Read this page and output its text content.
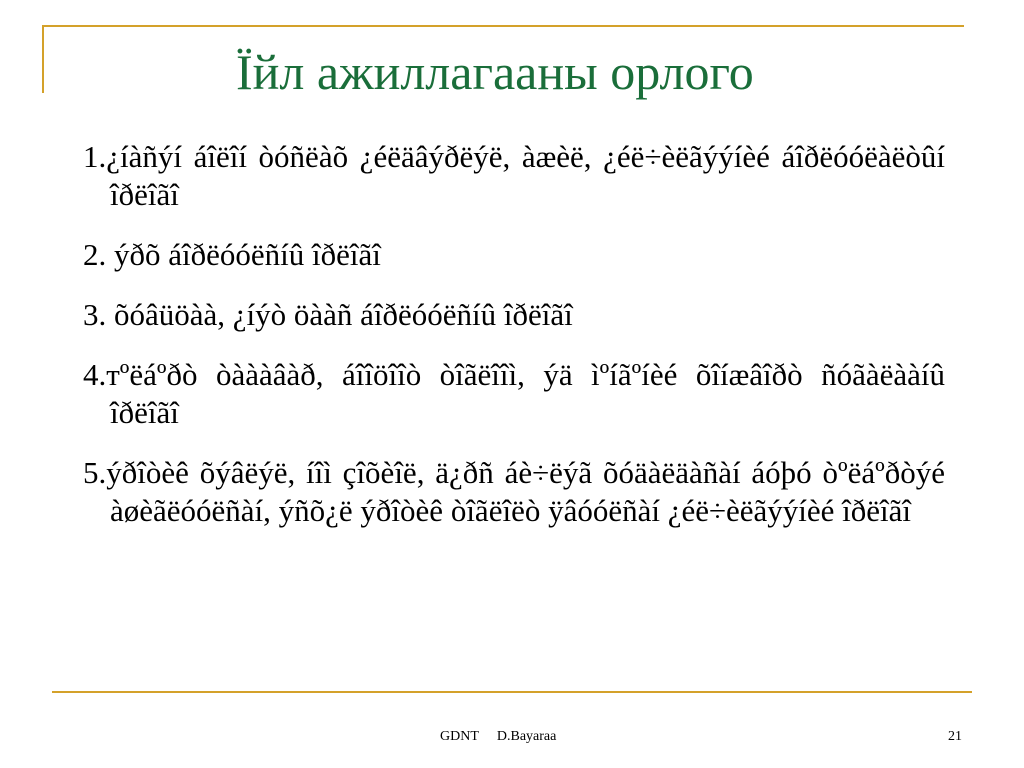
Їйл ажиллагааны орлого
1.¿íàñýí áîëîí òóñëàõ ¿éëäâýðëýë, àæèë, ¿éë÷èëãýýíèé áîðëóóëàëòûí îðëîãî
2. ýðõ áîðëóóëñíû îðëîãî
3. õóâüöàà, ¿íýò öààñ áîðëóóëñíû îðëîãî
4.тºëáºðò òàààâàð, áîîöîîò òîãëîîì, ýä ìºíãºíèé õîíæâîðò ñóãàëààíû îðëîãî
5.ýðîòèê õýâëýë, íîì çîõèîë, ä¿ðñ áè÷ëýã õóäàëäàñàí áóþó òºëáºðòýé àøèãëóóëñàí, ýñõ¿ë ýðîòèê òîãëîëò ÿâóóëñàí ¿éë÷èëãýýíèé îðëîãî
GDNT D.Bayaraa	21
